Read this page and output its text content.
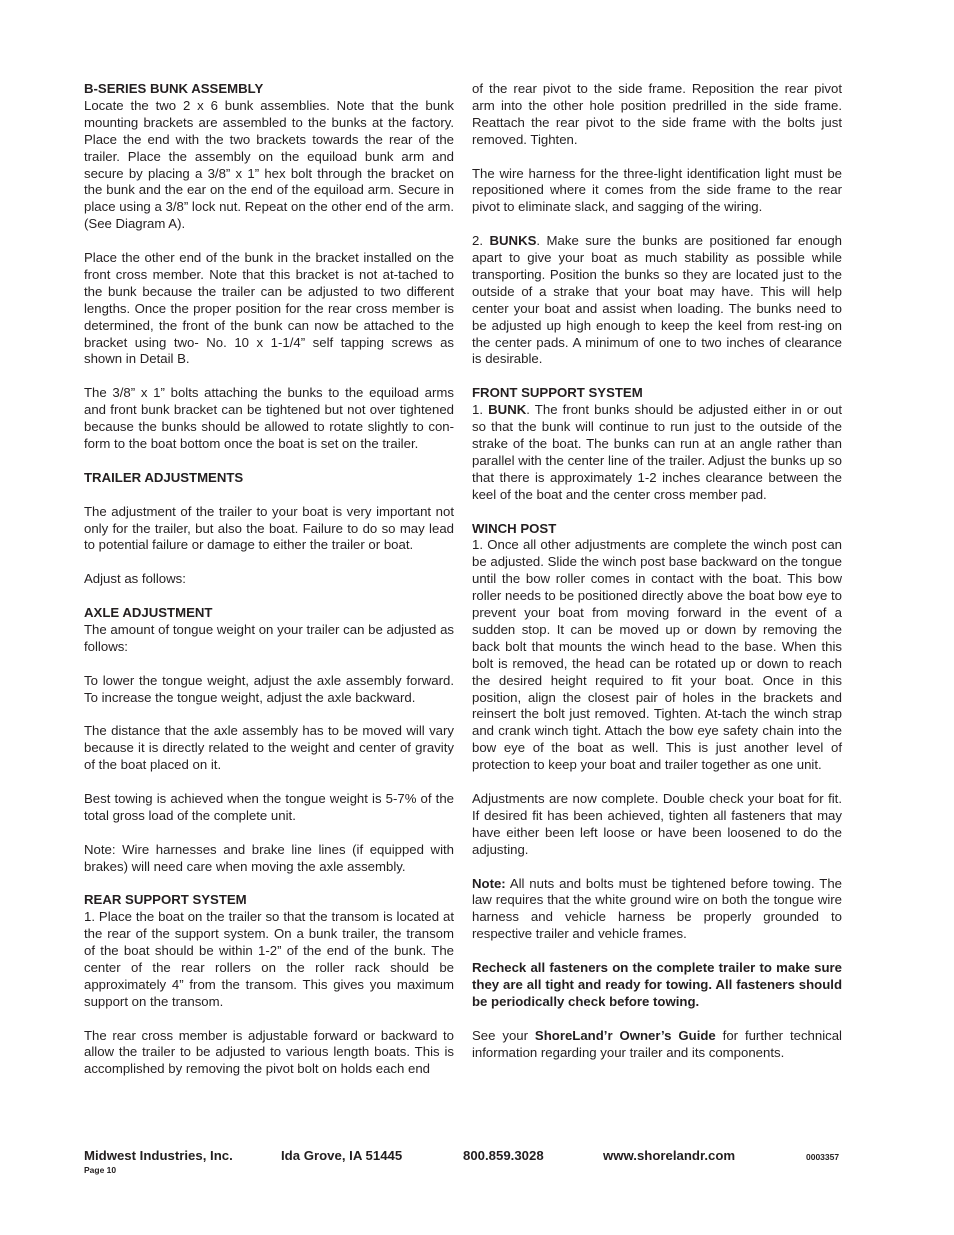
B-SERIES BUNK ASSEMBLY
Locate the two 2 x 6 bunk assemblies. Note that the bunk mounting brackets are assembled to the bunks at the factory. Place the end with the two brackets towards the rear of the trailer. Place the assembly on the equiload bunk arm and secure by placing a 3/8” x 1” hex bolt through the bracket on the bunk and the ear on the end of the equiload arm. Secure in place using a 3/8” lock nut. Repeat on the other end of the arm. (See Diagram A).

Place the other end of the bunk in the bracket installed on the front cross member. Note that this bracket is not at-tached to the bunk because the trailer can be adjusted to two different lengths. Once the proper position for the rear cross member is determined, the front of the bunk can now be attached to the bracket using two- No. 10 x 1-1/4” self tapping screws as shown in Detail B.

The 3/8” x 1” bolts attaching the bunks to the equiload arms and front bunk bracket can be tightened but not over tightened because the bunks should be allowed to rotate slightly to con-form to the boat bottom once the boat is set on the trailer.

TRAILER ADJUSTMENTS

The adjustment of the trailer to your boat is very important not only for the trailer, but also the boat. Failure to do so may lead to potential failure or damage to either the trailer or boat.

Adjust as follows:

AXLE ADJUSTMENT
The amount of tongue weight on your trailer can be adjusted as follows:

To lower the tongue weight, adjust the axle assembly forward. To increase the tongue weight, adjust the axle backward.

The distance that the axle assembly has to be moved will vary because it is directly related to the weight and center of gravity of the boat placed on it.

Best towing is achieved when the tongue weight is 5-7% of the total gross load of the complete unit.

Note: Wire harnesses and brake line lines (if equipped with brakes) will need care when moving the axle assembly.

REAR SUPPORT SYSTEM
1. Place the boat on the trailer so that the transom is located at the rear of the support system. On a bunk trailer, the transom of the boat should be within 1-2” of the end of the bunk. The center of the rear rollers on the roller rack should be approximately 4” from the transom. This gives you maximum support on the transom.

The rear cross member is adjustable forward or backward to allow the trailer to be adjusted to various length boats. This is accomplished by removing the pivot bolt on holds each end

of the rear pivot to the side frame. Reposition the rear pivot arm into the other hole position predrilled in the side frame. Reattach the rear pivot to the side frame with the bolts just removed. Tighten.

The wire harness for the three-light identification light must be repositioned where it comes from the side frame to the rear pivot to eliminate slack, and sagging of the wiring.

2. BUNKS. Make sure the bunks are positioned far enough apart to give your boat as much stability as possible while transporting. Position the bunks so they are located just to the outside of a strake that your boat may have. This will help center your boat and assist when loading. The bunks need to be adjusted up high enough to keep the keel from rest-ing on the center pads. A minimum of one to two inches of clearance is desirable.

FRONT SUPPORT SYSTEM
1. BUNK. The front bunks should be adjusted either in or out so that the bunk will continue to run just to the outside of the strake of the boat. The bunks can run at an angle rather than parallel with the center line of the trailer. Adjust the bunks up so that there is approximately 1-2 inches clearance between the keel of the boat and the center cross member pad.
WINCH POST
1. Once all other adjustments are complete the winch post can be adjusted. Slide the winch post base backward on the tongue until the bow roller comes in contact with the boat. This bow roller needs to be positioned directly above the boat bow eye to prevent your boat from moving forward in the event of a sudden stop. It can be moved up or down by removing the back bolt that mounts the winch head to the base. When this bolt is removed, the head can be rotated up or down to reach the desired height required to fit your boat. Once in this position, align the closest pair of holes in the brackets and reinsert the bolt just removed. Tighten. At-tach the winch strap and crank winch tight. Attach the bow eye safety chain into the bow eye of the boat as well. This is just another level of protection to keep your boat and trailer together as one unit.

Adjustments are now complete. Double check your boat for fit. If desired fit has been achieved, tighten all fasteners that may have either been left loose or have been loosened to do the adjusting.

Note: All nuts and bolts must be tightened before towing. The law requires that the white ground wire on both the tongue wire harness and vehicle harness be properly grounded to respective trailer and vehicle frames.

Recheck all fasteners on the complete trailer to make sure they are all tight and ready for towing. All fasteners should be periodically check before towing.

See your ShoreLand’r Owner’s Guide for further technical information regarding your trailer and its components.

Midwest Industries, Inc.	Ida Grove, IA 51445	800.859.3028	www.shorelandr.com	0003357
Page 10
